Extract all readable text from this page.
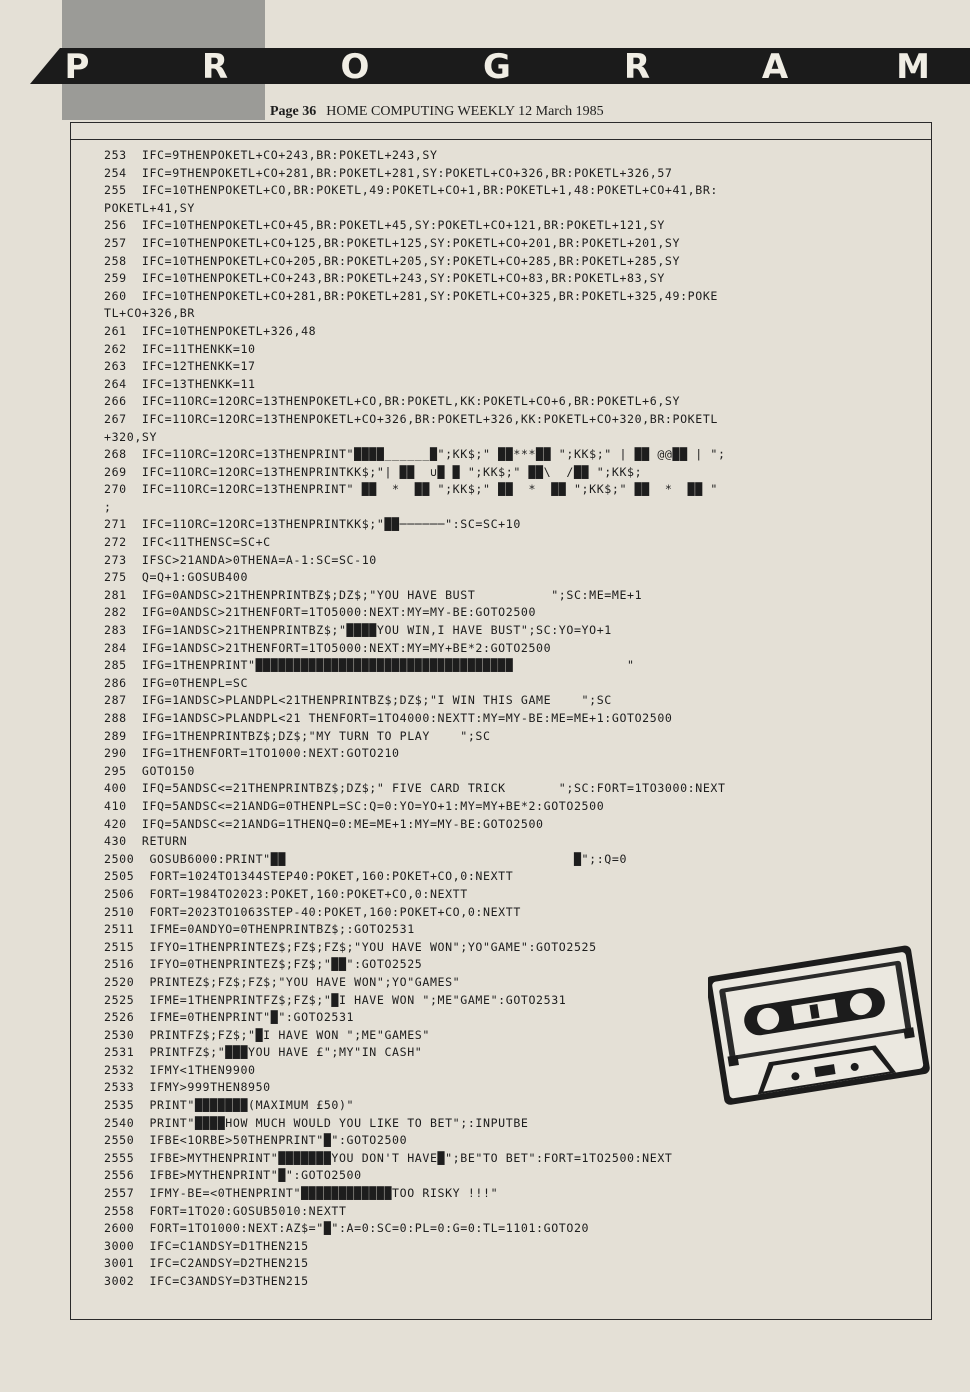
P	R	O	G	R	A	M
Page 36 HOME COMPUTING WEEKLY 12 March 1985
253  IFC=9THENPOKETL+CO+243,BR:POKETL+243,SY
254  IFC=9THENPOKETL+CO+281,BR:POKETL+281,SY:POKETL+CO+326,BR:POKETL+326,57
255  IFC=10THENPOKETL+CO,BR:POKETL,49:POKETL+CO+1,BR:POKETL+1,48:POKETL+CO+41,BR:
POKETL+41,SY
256  IFC=10THENPOKETL+CO+45,BR:POKETL+45,SY:POKETL+CO+121,BR:POKETL+121,SY
257  IFC=10THENPOKETL+CO+125,BR:POKETL+125,SY:POKETL+CO+201,BR:POKETL+201,SY
258  IFC=10THENPOKETL+CO+205,BR:POKETL+205,SY:POKETL+CO+285,BR:POKETL+285,SY
259  IFC=10THENPOKETL+CO+243,BR:POKETL+243,SY:POKETL+CO+83,BR:POKETL+83,SY
260  IFC=10THENPOKETL+CO+281,BR:POKETL+281,SY:POKETL+CO+325,BR:POKETL+325,49:POKE
TL+CO+326,BR
261  IFC=10THENPOKETL+326,48
262  IFC=11THENKK=10
263  IFC=12THENKK=17
264  IFC=13THENKK=11
266  IFC=11ORC=12ORC=13THENPOKETL+CO,BR:POKETL,KK:POKETL+CO+6,BR:POKETL+6,SY
267  IFC=11ORC=12ORC=13THENPOKETL+CO+326,BR:POKETL+326,KK:POKETL+CO+320,BR:POKETL
+320,SY
268  IFC=11ORC=12ORC=13THENPRINT"████______█";KK$;" ██***██ ";KK$;" | ██ @@██ | ";
269  IFC=11ORC=12ORC=13THENPRINTKK$;"| ██  ∪█ █ ";KK$;" ██\  /██ ";KK$;
270  IFC=11ORC=12ORC=13THENPRINT" ██  *  ██ ";KK$;" ██  *  ██ ";KK$;" ██  *  ██ "
;
271  IFC=11ORC=12ORC=13THENPRINTKK$;"██──────":SC=SC+10
272  IFC<11THENSC=SC+C
273  IFSC>21ANDA>0THENA=A-1:SC=SC-10
275  Q=Q+1:GOSUB400
281  IFG=0ANDSC>21THENPRINTBZ$;DZ$;"YOU HAVE BUST          ";SC:ME=ME+1
282  IFG=0ANDSC>21THENFORT=1TO5000:NEXT:MY=MY-BE:GOTO2500
283  IFG=1ANDSC>21THENPRINTBZ$;"████YOU WIN,I HAVE BUST";SC:YO=YO+1
284  IFG=1ANDSC>21THENFORT=1TO5000:NEXT:MY=MY+BE*2:GOTO2500
285  IFG=1THENPRINT"██████████████████████████████████               "
286  IFG=0THENPL=SC
287  IFG=1ANDSC>PLANDPL<21THENPRINTBZ$;DZ$;"I WIN THIS GAME    ";SC
288  IFG=1ANDSC>PLANDPL<21 THENFORT=1TO4000:NEXTT:MY=MY-BE:ME=ME+1:GOTO2500
289  IFG=1THENPRINTBZ$;DZ$;"MY TURN TO PLAY    ";SC
290  IFG=1THENFORT=1TO1000:NEXT:GOTO210
295  GOTO150
400  IFQ=5ANDSC<=21THENPRINTBZ$;DZ$;" FIVE CARD TRICK       ";SC:FORT=1TO3000:NEXT
410  IFQ=5ANDSC<=21ANDG=0THENPL=SC:Q=0:YO=YO+1:MY=MY+BE*2:GOTO2500
420  IFQ=5ANDSC<=21ANDG=1THENQ=0:ME=ME+1:MY=MY-BE:GOTO2500
430  RETURN
2500  GOSUB6000:PRINT"██                                      █";:Q=0
2505  FORT=1024TO1344STEP40:POKET,160:POKET+CO,0:NEXTT
2506  FORT=1984TO2023:POKET,160:POKET+CO,0:NEXTT
2510  FORT=2023TO1063STEP-40:POKET,160:POKET+CO,0:NEXTT
2511  IFME=0ANDYO=0THENPRINTBZ$;:GOTO2531
2515  IFYO=1THENPRINTEZ$;FZ$;FZ$;"YOU HAVE WON";YO"GAME":GOTO2525
2516  IFYO=0THENPRINTEZ$;FZ$;"██":GOTO2525
2520  PRINTEZ$;FZ$;FZ$;"YOU HAVE WON";YO"GAMES"
2525  IFME=1THENPRINTFZ$;FZ$;"█I HAVE WON ";ME"GAME":GOTO2531
2526  IFME=0THENPRINT"█":GOTO2531
2530  PRINTFZ$;FZ$;"█I HAVE WON ";ME"GAMES"
2531  PRINTFZ$;"███YOU HAVE £";MY"IN CASH"
2532  IFMY<1THEN9900
2533  IFMY>999THEN8950
2535  PRINT"███████(MAXIMUM £50)"
2540  PRINT"████HOW MUCH WOULD YOU LIKE TO BET";:INPUTBE
2550  IFBE<1ORBE>50THENPRINT"█":GOTO2500
2555  IFBE>MYTHENPRINT"███████YOU DON'T HAVE█";BE"TO BET":FORT=1TO2500:NEXT
2556  IFBE>MYTHENPRINT"█":GOTO2500
2557  IFMY-BE=<0THENPRINT"████████████TOO RISKY !!!"
2558  FORT=1TO20:GOSUB5010:NEXTT
2600  FORT=1TO1000:NEXT:AZ$="█":A=0:SC=0:PL=0:G=0:TL=1101:GOTO20
3000  IFC=C1ANDSY=D1THEN215
3001  IFC=C2ANDSY=D2THEN215
3002  IFC=C3ANDSY=D3THEN215
